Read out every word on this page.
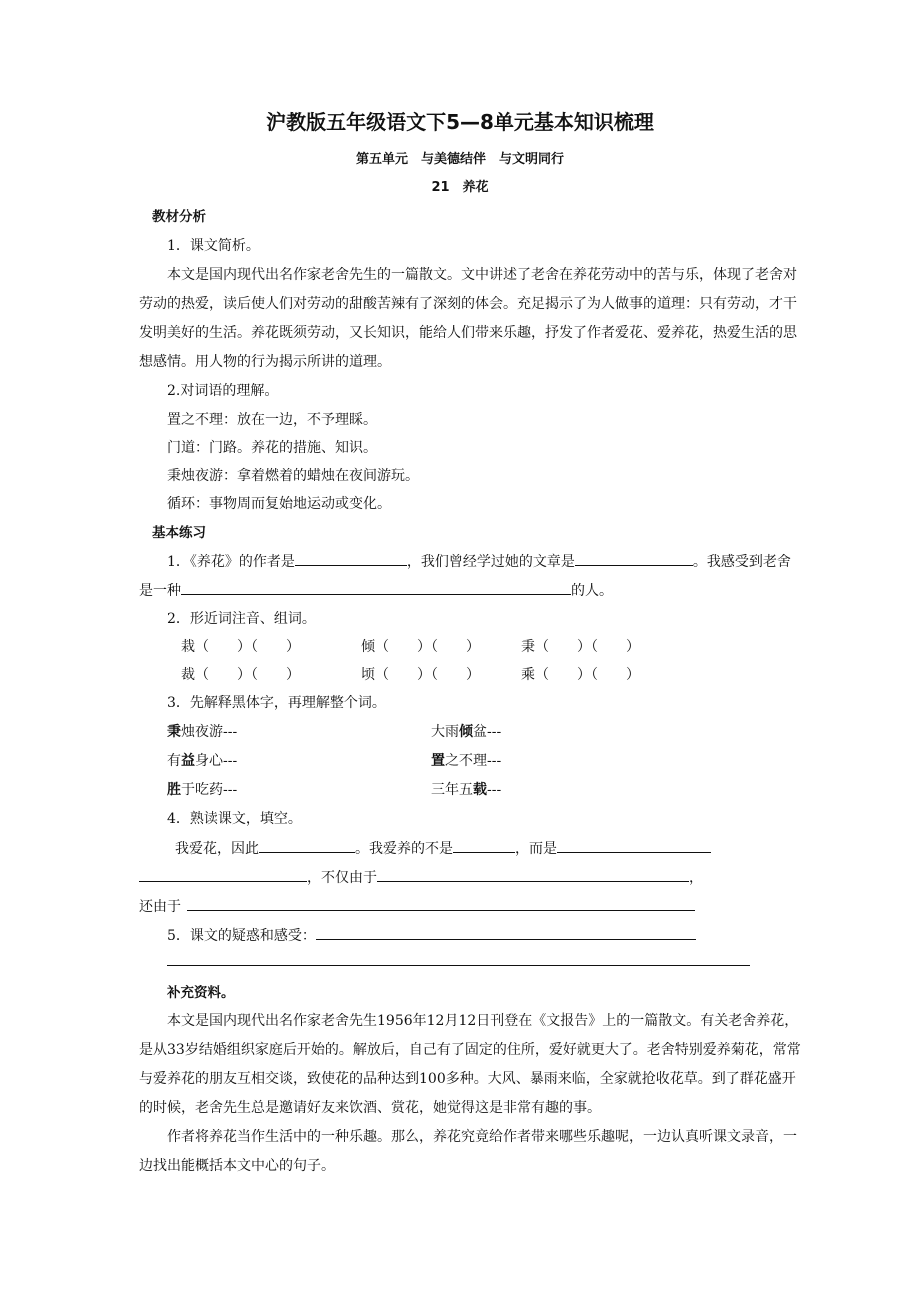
沪教版五年级语文下5—8单元基本知识梳理
第五单元　与美德结伴　与文明同行
21　养花
教材分析
1．课文简析。
本文是国内现代出名作家老舍先生的一篇散文。文中讲述了老舍在养花劳动中的苦与乐，体现了老舍对
劳动的热爱，读后使人们对劳动的甜酸苦辣有了深刻的体会。充足揭示了为人做事的道理：只有劳动，才干
发明美好的生活。养花既须劳动，又长知识，能给人们带来乐趣，抒发了作者爱花、爱养花，热爱生活的思
想感情。用人物的行为揭示所讲的道理。
2.对词语的理解。
置之不理：放在一边，不予理睬。
门道：门路。养花的措施、知识。
秉烛夜游：拿着燃着的蜡烛在夜间游玩。
循环：事物周而复始地运动或变化。
基本练习
1．《养花》的作者是	，我们曾经学过她的文章是	。我感受到老舍
是一种	的人。
2．形近词注音、组词。
栽（　　）（　　）	倾（　　）（　　）	秉（　　）（　　）
裁（　　）（　　）	顷（　　）（　　）	乘（　　）（　　）
3．先解释黑体字，再理解整个词。
秉烛夜游---	大雨倾盆---
有益身心---	置之不理---
胜于吃药---	三年五载---
4．熟读课文，填空。
我爱花，因此	。我爱养的不是	，而是
，不仅由于	，
还由于
5．课文的疑惑和感受：
补充资料。
本文是国内现代出名作家老舍先生1956年12月12日刊登在《文报告》上的一篇散文。有关老舍养花，
是从33岁结婚组织家庭后开始的。解放后，自己有了固定的住所，爱好就更大了。老舍特别爱养菊花，常常
与爱养花的朋友互相交谈，致使花的品种达到100多种。大风、暴雨来临，全家就抢收花草。到了群花盛开
的时候，老舍先生总是邀请好友来饮酒、赏花，她觉得这是非常有趣的事。
作者将养花当作生活中的一种乐趣。那么，养花究竟给作者带来哪些乐趣呢，一边认真听课文录音，一
边找出能概括本文中心的句子。
